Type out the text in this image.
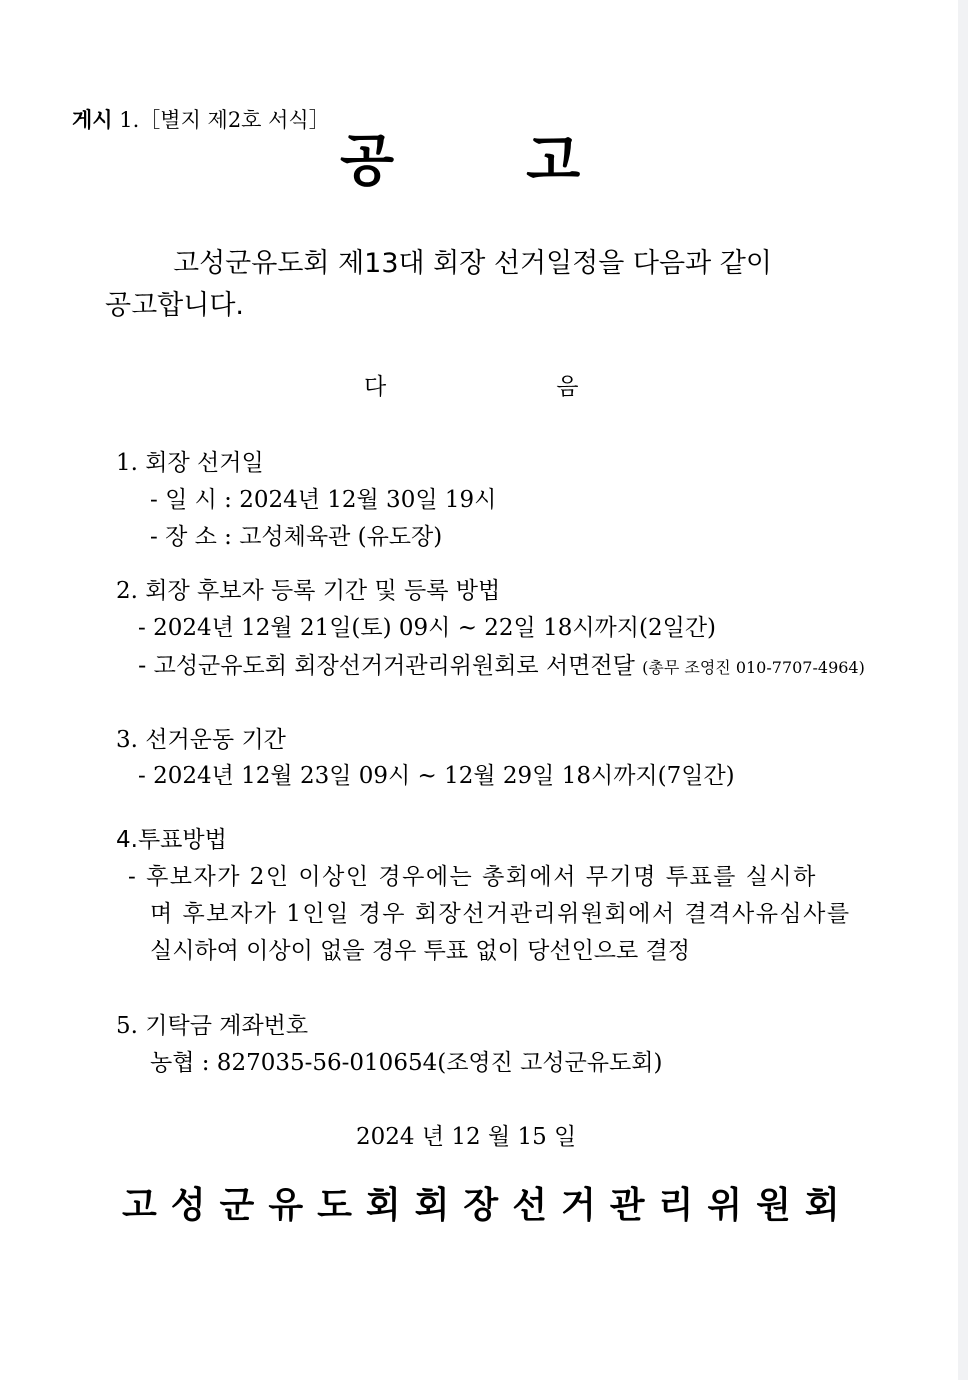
게시 1.［별지 제2호 서식］
공 고
고성군유도회 제13대 회장 선거일정을 다음과 같이
공고합니다.
다	음
1. 회장 선거일
- 일 시 : 2024년 12월 30일 19시
- 장 소 : 고성체육관 (유도장)
2. 회장 후보자 등록 기간 및 등록 방법
- 2024년 12월 21일(토) 09시 ~ 22일 18시까지(2일간)
- 고성군유도회 회장선거거관리위원회로 서면전달 (총무 조영진 010-7707-4964)
3. 선거운동 기간
- 2024년 12월 23일 09시 ~ 12월 29일 18시까지(7일간)
4.투표방법
- 후보자가 2인 이상인 경우에는 총회에서 무기명 투표를 실시하
며 후보자가 1인일 경우 회장선거관리위원회에서 결격사유심사를
실시하여 이상이 없을 경우 투표 없이 당선인으로 결정
5. 기탁금 계좌번호
농협 : 827035-56-010654(조영진 고성군유도회)
2024 년 12 월 15 일
고성군유도회회장선거관리위원회
